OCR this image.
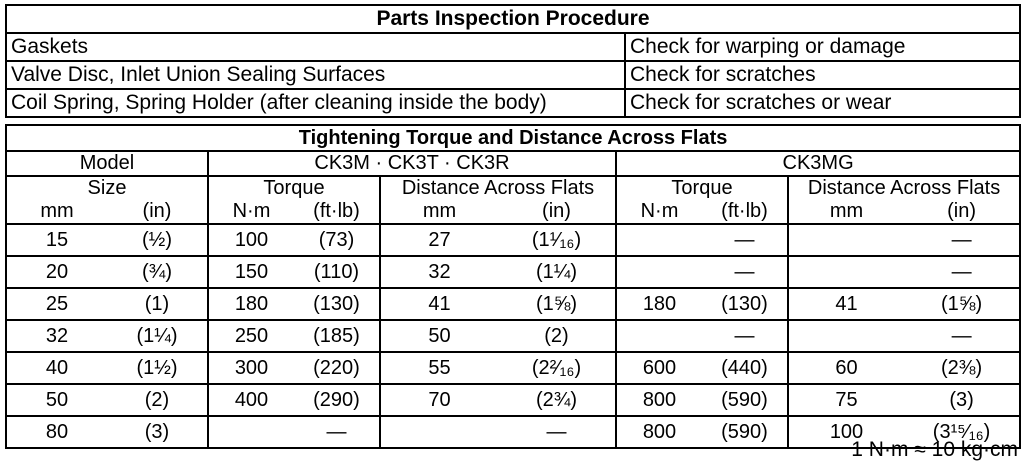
Parts Inspection Procedure	
Gaskets	Check for warping or damage
Valve Disc, Inlet Union Sealing Surfaces	Check for scratches
Coil Spring, Spring Holder (after cleaning inside the body)	Check for scratches or wear
Tightening Torque and Distance Across Flats									
Model		CK3M · CK3T · CK3R				CK3MG			
Size		Torque		Distance Across Flats		Torque		Distance Across Flats	
mm	(in)	N·m	(ft·lb)	mm	(in)	N·m	(ft·lb)	mm	(in)
15	(½)	100	(73)	27	(1¹⁄₁₆)		—		—
20	(¾)	150	(110)	32	(1¼)		—		—
25	(1)	180	(130)	41	(1⅝)	180	(130)	41	(1⅝)
32	(1¼)	250	(185)	50	(2)		—		—
40	(1½)	300	(220)	55	(2²⁄₁₆)	600	(440)	60	(2⅜)
50	(2)	400	(290)	70	(2¾)	800	(590)	75	(3)
80	(3)		—		—	800	(590)	100	(3¹⁵⁄₁₆)
1 N·m ≈ 10 kg·cm
